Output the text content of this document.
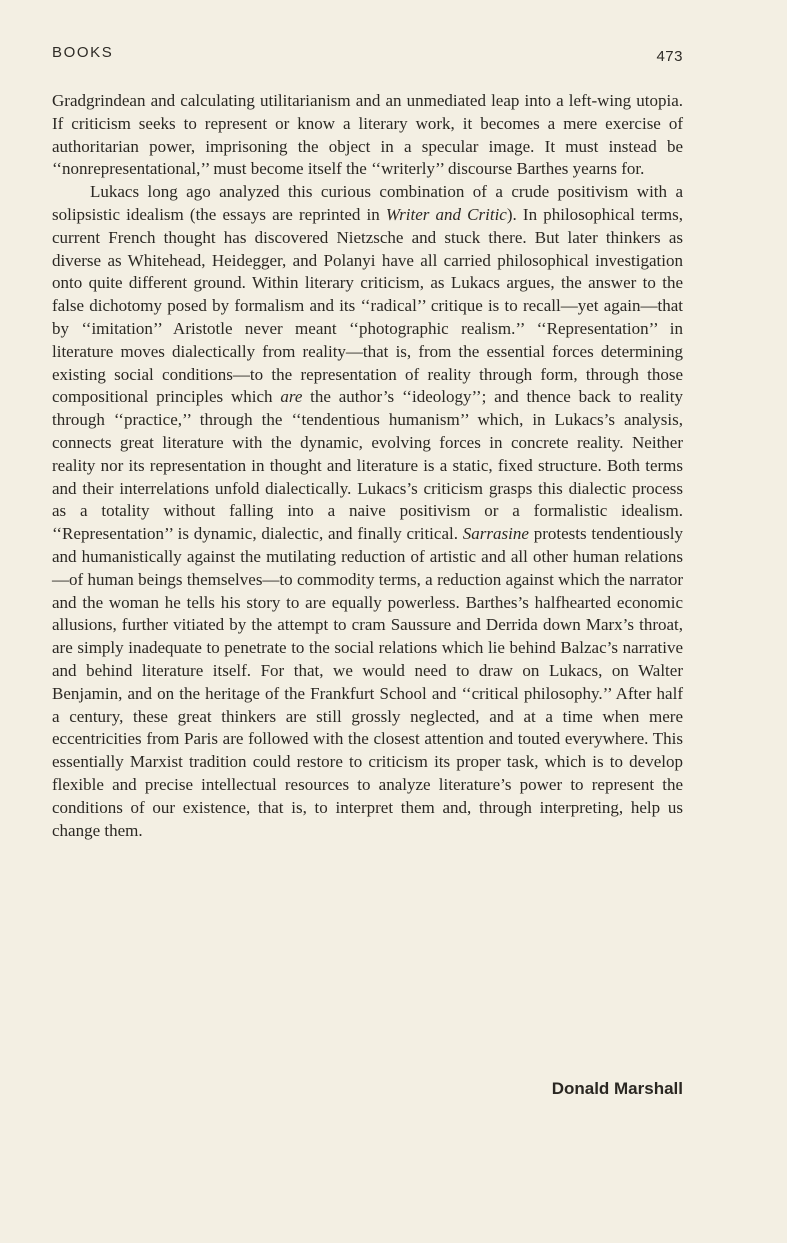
BOOKS	473

Gradgrindean and calculating utilitarianism and an unmediated leap into a left-wing utopia. If criticism seeks to represent or know a literary work, it becomes a mere exercise of authoritarian power, imprisoning the object in a specular image. It must instead be ‘‘nonrepresentational,’’ must become itself the ‘‘writerly’’ discourse Barthes yearns for.

Lukacs long ago analyzed this curious combination of a crude positivism with a solipsistic idealism (the essays are reprinted in Writer and Critic). In philosophical terms, current French thought has discovered Nietzsche and stuck there. But later thinkers as diverse as Whitehead, Heidegger, and Polanyi have all carried philosophical investigation onto quite different ground. Within literary criticism, as Lukacs argues, the answer to the false dichotomy posed by formalism and its ‘‘radical’’ critique is to recall—yet again—that by ‘‘imitation’’ Aristotle never meant ‘‘photographic realism.’’ ‘‘Representation’’ in literature moves dialectically from reality—that is, from the essential forces determining existing social conditions—to the representation of reality through form, through those compositional principles which are the author’s ‘‘ideology’’; and thence back to reality through ‘‘practice,’’ through the ‘‘tendentious humanism’’ which, in Lukacs’s analysis, connects great literature with the dynamic, evolving forces in concrete reality. Neither reality nor its representation in thought and literature is a static, fixed structure. Both terms and their interrelations unfold dialectically. Lukacs’s criticism grasps this dialectic process as a totality without falling into a naive positivism or a formalistic idealism. ‘‘Representation’’ is dynamic, dialectic, and finally critical. Sarrasine protests tendentiously and humanistically against the mutilating reduction of artistic and all other human relations—of human beings themselves—to commodity terms, a reduction against which the narrator and the woman he tells his story to are equally powerless. Barthes’s halfhearted economic allusions, further vitiated by the attempt to cram Saussure and Derrida down Marx’s throat, are simply inadequate to penetrate to the social relations which lie behind Balzac’s narrative and behind literature itself. For that, we would need to draw on Lukacs, on Walter Benjamin, and on the heritage of the Frankfurt School and ‘‘critical philosophy.’’ After half a century, these great thinkers are still grossly neglected, and at a time when mere eccentricities from Paris are followed with the closest attention and touted everywhere. This essentially Marxist tradition could restore to criticism its proper task, which is to develop flexible and precise intellectual resources to analyze literature’s power to represent the conditions of our existence, that is, to interpret them and, through interpreting, help us change them.

Donald Marshall
